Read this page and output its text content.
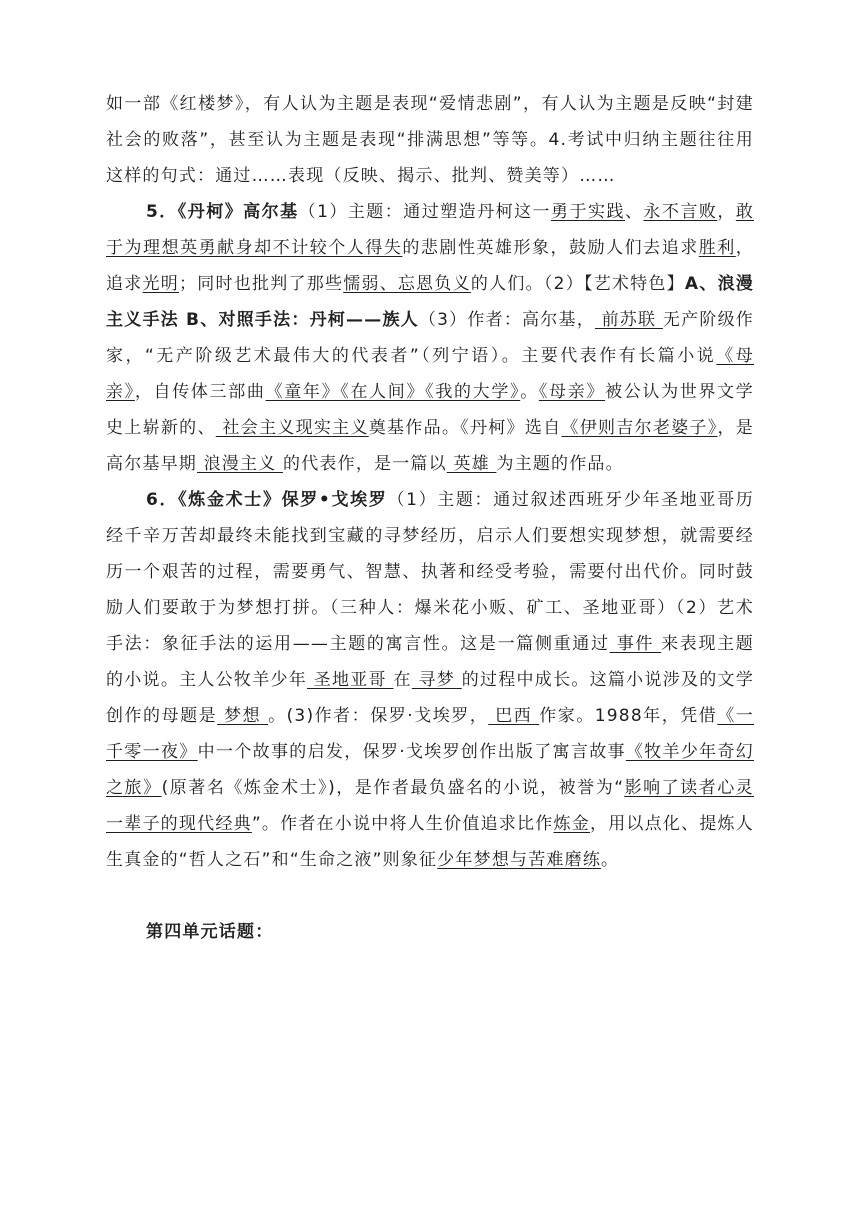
如一部《红楼梦》，有人认为主题是表现“爱情悲剧”，有人认为主题是反映“封建社会的败落”，甚至认为主题是表现“排满思想”等等。4.考试中归纳主题往往用这样的句式：通过……表现（反映、揭示、批判、赞美等）……

5．《丹柯》高尔基（1）主题：通过塑造丹柯这一勇于实践、永不言败，敢于为理想英勇献身却不计较个人得失的悲剧性英雄形象，鼓励人们去追求胜利，追求光明；同时也批判了那些懦弱、忘恩负义的人们。（2）【艺术特色】A、浪漫主义手法 B、对照手法：丹柯——族人（3）作者：高尔基， 前苏联 无产阶级作家，“无产阶级艺术最伟大的代表者”（列宁语）。主要代表作有长篇小说《母亲》，自传体三部曲《童年》《在人间》《我的大学》。《母亲》被公认为世界文学史上崭新的、 社会主义现实主义奠基作品。《丹柯》选自《伊则吉尔老婆子》，是高尔基早期 浪漫主义 的代表作，是一篇以 英雄 为主题的作品。

6．《炼金术士》保罗•戈埃罗（1）主题：通过叙述西班牙少年圣地亚哥历经千辛万苦却最终未能找到宝藏的寻梦经历，启示人们要想实现梦想，就需要经历一个艰苦的过程，需要勇气、智慧、执著和经受考验，需要付出代价。同时鼓励人们要敢于为梦想打拼。（三种人：爆米花小贩、矿工、圣地亚哥）（2）艺术手法：象征手法的运用——主题的寓言性。这是一篇侧重通过 事件 来表现主题的小说。主人公牧羊少年 圣地亚哥 在 寻梦 的过程中成长。这篇小说涉及的文学创作的母题是 梦想 。(3)作者：保罗·戈埃罗， 巴西 作家。1988年，凭借《一千零一夜》中一个故事的启发，保罗·戈埃罗创作出版了寓言故事《牧羊少年奇幻之旅》(原著名《炼金术士》)，是作者最负盛名的小说，被誉为“影响了读者心灵一辈子的现代经典”。作者在小说中将人生价值追求比作炼金，用以点化、提炼人生真金的“哲人之石”和“生命之液”则象征少年梦想与苦难磨练。

第四单元话题：
